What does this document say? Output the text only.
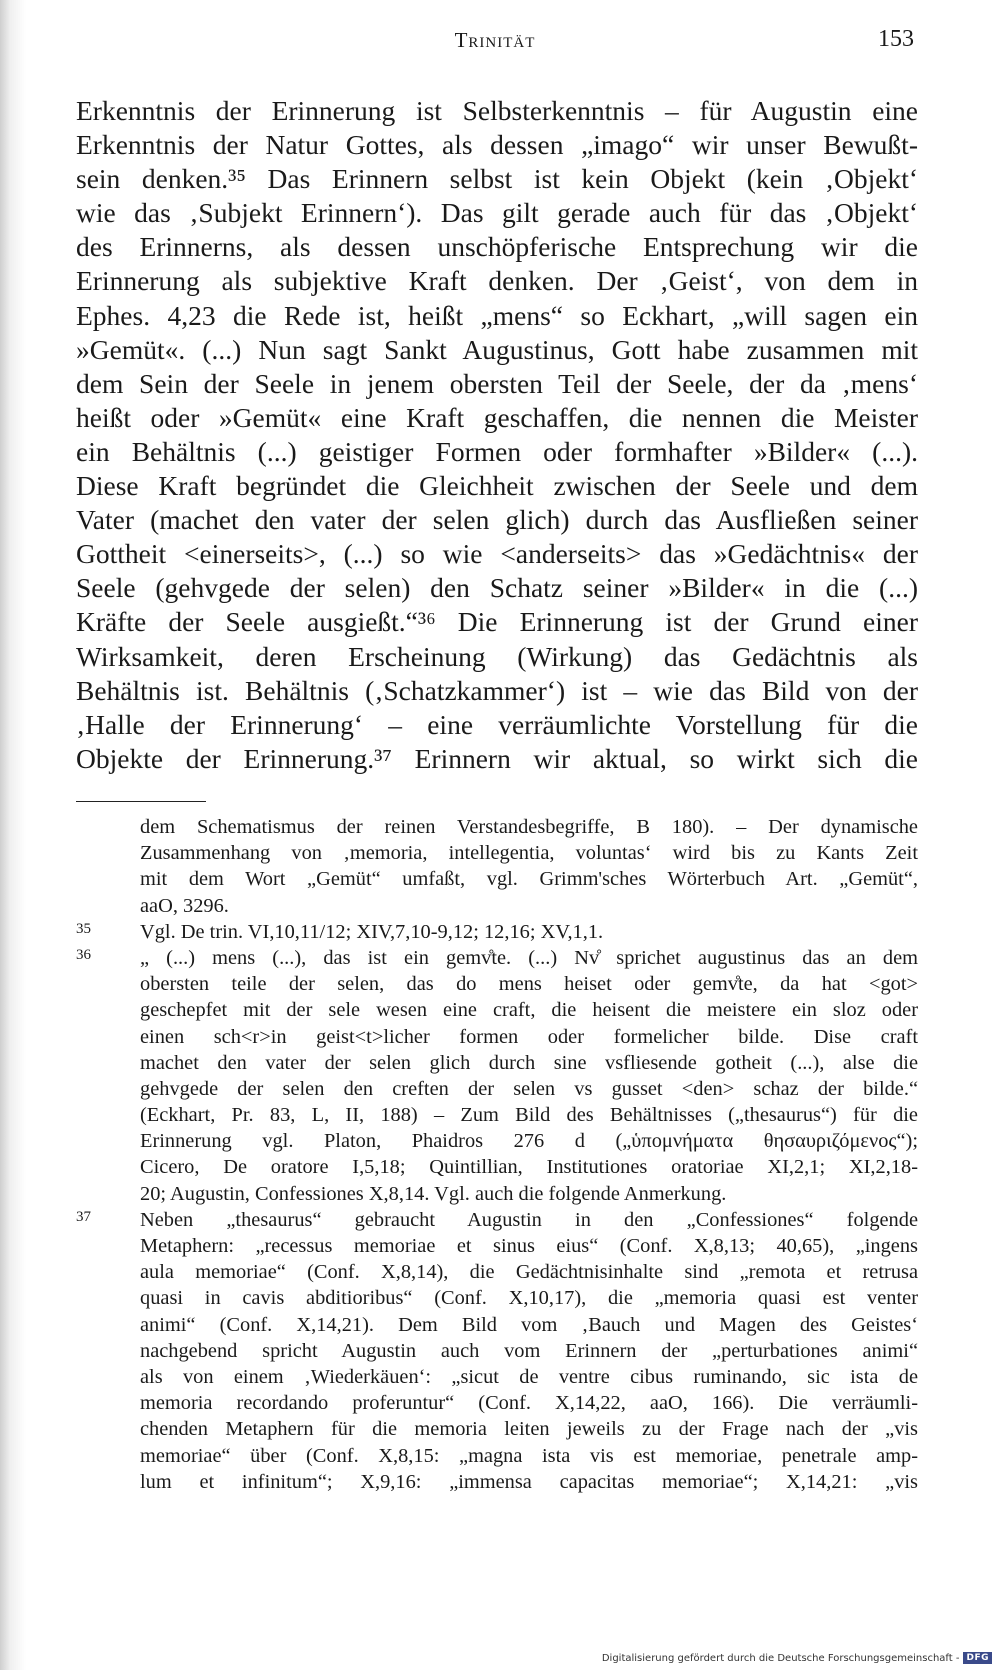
Trinität	153
Erkenntnis der Erinnerung ist Selbsterkenntnis – für Augustin eine
Erkenntnis der Natur Gottes, als dessen „imago“ wir unser Bewußt-
sein denken.³⁵ Das Erinnern selbst ist kein Objekt (kein ‚Objekt‘
wie das ‚Subjekt Erinnern‘). Das gilt gerade auch für das ‚Objekt‘
des Erinnerns, als dessen unschöpferische Entsprechung wir die
Erinnerung als subjektive Kraft denken. Der ‚Geist‘, von dem in
Ephes. 4,23 die Rede ist, heißt „mens“ so Eckhart, „will sagen ein
»Gemüt«. (...) Nun sagt Sankt Augustinus, Gott habe zusammen mit
dem Sein der Seele in jenem obersten Teil der Seele, der da ‚mens‘
heißt oder »Gemüt« eine Kraft geschaffen, die nennen die Meister
ein Behältnis (...) geistiger Formen oder formhafter »Bilder« (...).
Diese Kraft begründet die Gleichheit zwischen der Seele und dem
Vater (machet den vater der selen glich) durch das Ausfließen seiner
Gottheit <einerseits>, (...) so wie <anderseits> das »Gedächtnis« der
Seele (gehvgede der selen) den Schatz seiner »Bilder« in die (...)
Kräfte der Seele ausgießt.“³⁶ Die Erinnerung ist der Grund einer
Wirksamkeit, deren Erscheinung (Wirkung) das Gedächtnis als
Behältnis ist. Behältnis (‚Schatzkammer‘) ist – wie das Bild von der
‚Halle der Erinnerung‘ – eine verräumlichte Vorstellung für die
Objekte der Erinnerung.³⁷ Erinnern wir aktual, so wirkt sich die
dem Schematismus der reinen Verstandesbegriffe, B 180). – Der dynamische
Zusammenhang von ‚memoria, intellegentia, voluntas‘ wird bis zu Kants Zeit
mit dem Wort „Gemüt“ umfaßt, vgl. Grimm'sches Wörterbuch Art. „Gemüt“,
aaO, 3296.
35	Vgl. De trin. VI,10,11/12; XIV,7,10-9,12; 12,16; XV,1,1.
36	„ (...) mens (...), das ist ein gemv̊te. (...) Nv̊ sprichet augustinus das an dem
obersten teile der selen, das do mens heiset oder gemv̊te, da hat <got>
geschepfet mit der sele wesen eine craft, die heisent die meistere ein sloz oder
einen sch<r>in geist<t>licher formen oder formelicher bilde. Dise craft
machet den vater der selen glich durch sine vsfliesende gotheit (...), alse die
gehvgede der selen den creften der selen vs gusset <den> schaz der bilde.“
(Eckhart, Pr. 83, L, II, 188) – Zum Bild des Behältnisses („thesaurus“) für die
Erinnerung vgl. Platon, Phaidros 276 d („ὑπομνήματα θησαυριζόμενος“);
Cicero, De oratore I,5,18; Quintillian, Institutiones oratoriae XI,2,1; XI,2,18-
20; Augustin, Confessiones X,8,14. Vgl. auch die folgende Anmerkung.
37	Neben „thesaurus“ gebraucht Augustin in den „Confessiones“ folgende
Metaphern: „recessus memoriae et sinus eius“ (Conf. X,8,13; 40,65), „ingens
aula memoriae“ (Conf. X,8,14), die Gedächtnisinhalte sind „remota et retrusa
quasi in cavis abditioribus“ (Conf. X,10,17), die „memoria quasi est venter
animi“ (Conf. X,14,21). Dem Bild vom ‚Bauch und Magen des Geistes‘
nachgebend spricht Augustin auch vom Erinnern der „perturbationes animi“
als von einem ‚Wiederkäuen‘: „sicut de ventre cibus ruminando, sic ista de
memoria recordando proferuntur“ (Conf. X,14,22, aaO, 166). Die verräumli-
chenden Metaphern für die memoria leiten jeweils zu der Frage nach der „vis
memoriae“ über (Conf. X,8,15: „magna ista vis est memoriae, penetrale amp-
lum et infinitum“; X,9,16: „immensa capacitas memoriae“; X,14,21: „vis
Digitalisierung gefördert durch die Deutsche Forschungsgemeinschaft - DFG
